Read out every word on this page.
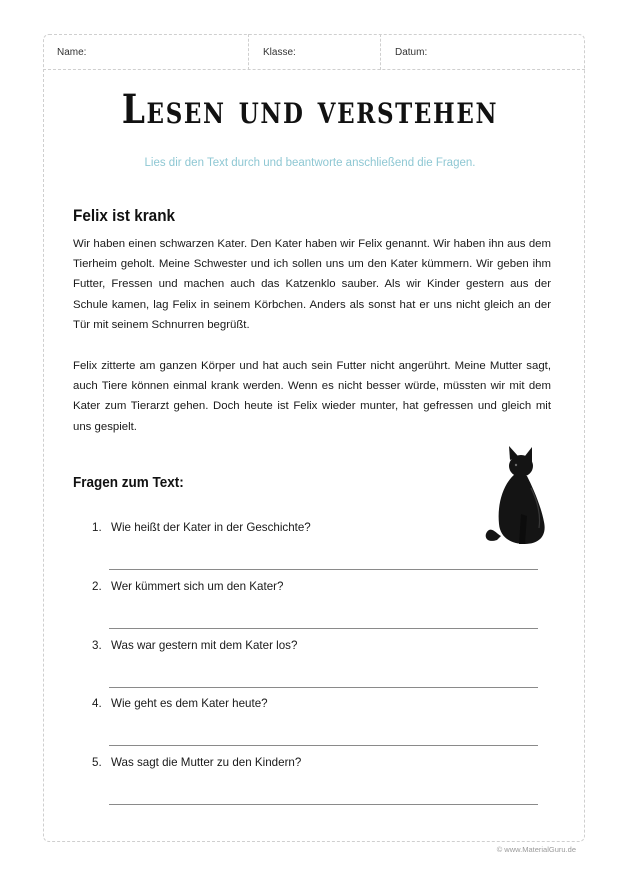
Name:	Klasse:	Datum:
Lesen und verstehen
Lies dir den Text durch und beantworte anschließend die Fragen.
Felix ist krank
Wir haben einen schwarzen Kater. Den Kater haben wir Felix genannt. Wir haben ihn aus dem Tierheim geholt. Meine Schwester und ich sollen uns um den Kater kümmern. Wir geben ihm Futter, Fressen und machen auch das Katzenklo sauber. Als wir Kinder gestern aus der Schule kamen, lag Felix in seinem Körbchen. Anders als sonst hat er uns nicht gleich an der Tür mit seinem Schnurren begrüßt.
Felix zitterte am ganzen Körper und hat auch sein Futter nicht angerührt. Meine Mutter sagt, auch Tiere können einmal krank werden. Wenn es nicht besser würde, müssten wir mit dem Kater zum Tierarzt gehen. Doch heute ist Felix wieder munter, hat gefressen und gleich mit uns gespielt.
Fragen zum Text:
1. Wie heißt der Kater in der Geschichte?
2. Wer kümmert sich um den Kater?
3. Was war gestern mit dem Kater los?
4. Wie geht es dem Kater heute?
5. Was sagt die Mutter zu den Kindern?
© www.MaterialGuru.de
